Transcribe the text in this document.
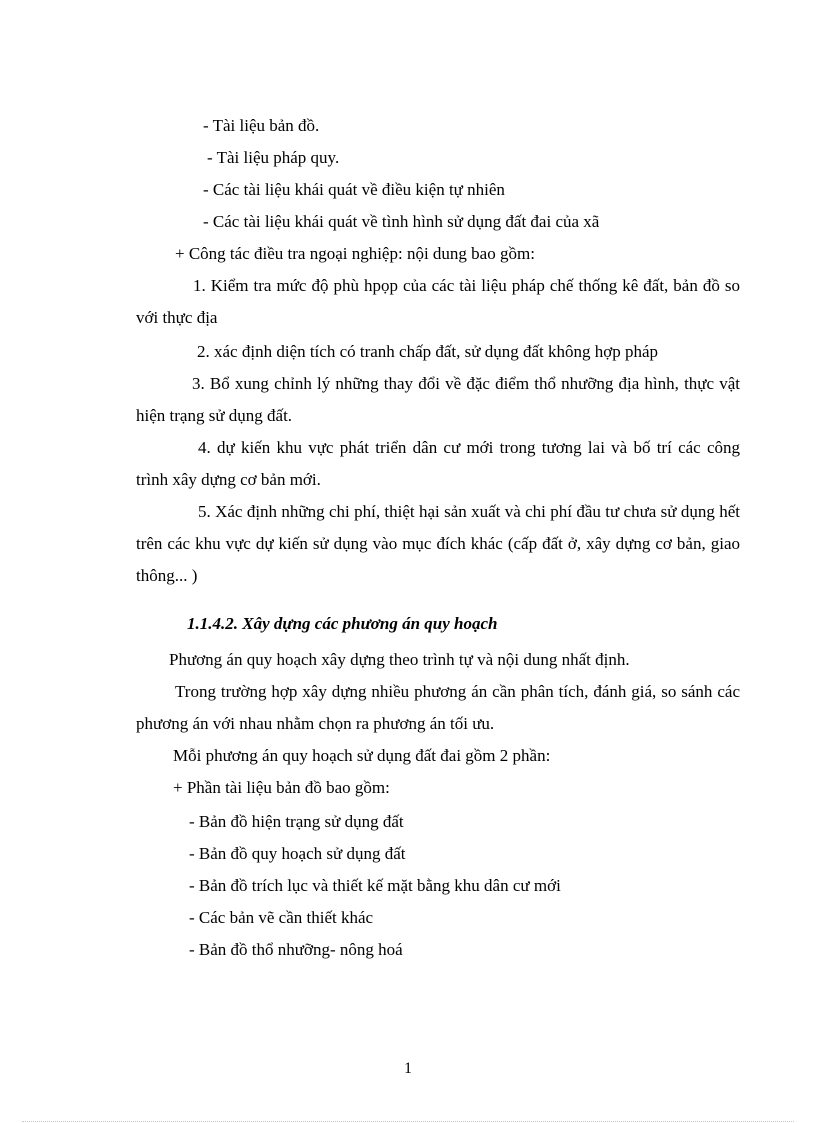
- Tài liệu bản đồ.
- Tài liệu pháp quy.
- Các tài liệu khái quát về điều kiện tự nhiên
- Các tài liệu khái quát về tình hình sử dụng đất đai của xã
+ Công tác điều tra ngoại nghiệp: nội dung bao gồm:
1. Kiểm tra mức độ phù hpọp của các tài liệu pháp chế thống kê đất, bản đồ so với thực địa
2. xác định diện tích có tranh chấp đất, sử dụng đất không hợp pháp
3. Bổ xung chỉnh lý những thay đổi về đặc điểm thổ nhưỡng địa hình, thực vật hiện trạng sử dụng đất.
4. dự kiến khu vực phát triển dân cư mới trong tương lai và bố trí các công trình xây dựng cơ bản mới.
5. Xác định những chi phí, thiệt hại sản xuất và chi phí đầu tư chưa sử dụng hết trên các khu vực dự kiến sử dụng vào mục đích khác (cấp đất ở, xây dựng cơ bản, giao thông... )
1.1.4.2. Xây dựng các phương án quy hoạch
Phương án quy hoạch xây dựng theo trình tự và nội dung nhất định.
Trong trường hợp xây dựng nhiều phương án cần phân tích, đánh giá, so sánh các phương án với nhau nhằm chọn ra phương án tối ưu.
Mỗi phương án quy hoạch sử dụng đất đai gồm 2 phần:
+ Phần tài liệu bản đồ bao gồm:
- Bản đồ hiện trạng sử dụng đất
- Bản đồ quy hoạch sử dụng đất
- Bản đồ trích lục và thiết kế mặt bằng khu dân cư mới
- Các bản vẽ cần thiết khác
- Bản đồ thổ nhưỡng- nông hoá
1
